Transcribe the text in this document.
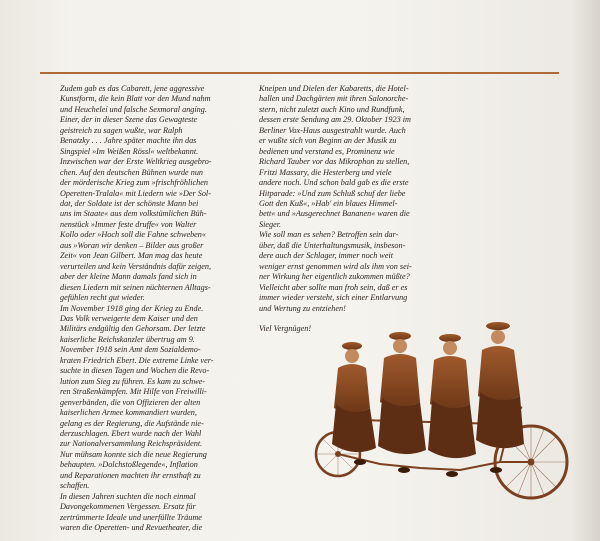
Zudem gab es das Cabarett, jene aggressive
Kunstform, die kein Blatt vor den Mund nahm
und Heucheleí und falsche Sexmoral angíng.
Einer, der in dieser Szene das Gewagteste
geistreich zu sagen wußte, war Ralph
Benatzky . . . Jahre später machte ihn das
Singspiel »Im Weißen Rössl« weltbekannt.
Inzwischen war der Erste Weltkrieg ausgebro-
chen. Auf den deutschen Bühnen wurde nun
der mörderische Krieg zum »frischfröhlichen
Operetten-Tralala« mit Liedern wie »Der Sol-
dat, der Soldate ist der schönste Mann bei
uns im Staate« aus dem volkstümlichen Büh-
nenstück »Immer feste druffe« von Walter
Kollo oder »Hoch soll die Fahne schweben«
aus »Woran wir denken – Bilder aus großer
Zeit« von Jean Gilbert. Man mag das heute
verurteilen und kein Verständnis dafür zeigen,
aber der kleine Mann damals fand sich in
diesen Liedern mit seinen nüchternen Alltags-
gefühlen recht gut wieder.
Im November 1918 ging der Krieg zu Ende.
Das Volk verweigerte dem Kaiser und den
Militärs endgültig den Gehorsam. Der letzte
kaiserliche Reichskanzler übertrug am 9.
November 1918 sein Amt dem Sozialdemo-
kraten Friedrich Ebert. Die extreme Linke ver-
suchte in diesen Tagen und Wochen die Revo-
lution zum Sieg zu führen. Es kam zu schwe-
ren Straßenkämpfen. Mit Hilfe von Freiwilli-
genverbänden, die von Offizieren der alten
kaiserlichen Armee kommandiert wurden,
gelang es der Regierung, die Aufstände nie-
derzuschlagen. Ebert wurde nach der Wahl
zur Nationalversammlung Reichspräsident.
Nur mühsam konnte sich die neue Regierung
behaupten. »Dolchstoßlegende«, Inflation
und Reparationen machten ihr ernsthaft zu
schaffen.
In diesen Jahren suchten die noch einmal
Davongekommenen Vergessen. Ersatz für
zertrümmerte Ideale und unerfüllte Träume
waren die Operetten- und Revuetheater, die
Kneipen und Dielen der Kabaretts, die Hotel-
hallen und Dachgärten mit ihren Salonorche-
stern, nicht zuletzt auch Kino und Rundfunk,
dessen erste Sendung am 29. Oktober 1923 im
Berliner Vox-Haus ausgestrahlt wurde. Auch
er wußte sich von Beginn an der Musik zu
bedienen und verstand es, Prominenz wie
Richard Tauber vor das Mikrophon zu stellen,
Fritzi Massary, die Hesterberg und viele
andere noch. Und schon bald gab es die erste
Hitparade: »Und zum Schluß schuf der liebe
Gott den Kuß«, »Hab' ein blaues Himmel-
bett« und »Ausgerechnet Bananen« waren die
Sieger.
Wie soll man es sehen? Betroffen sein dar-
über, daß die Unterhaltungsmusik, insbeson-
dere auch der Schlager, immer noch weit
weniger ernst genommen wird als ihm von sei-
ner Wirkung her eigentlich zukommen müßte?
Vielleicht aber sollte man froh sein, daß er es
immer wieder versteht, sich einer Entlarvung
und Wertung zu entziehen!

Viel Vergnügen!
